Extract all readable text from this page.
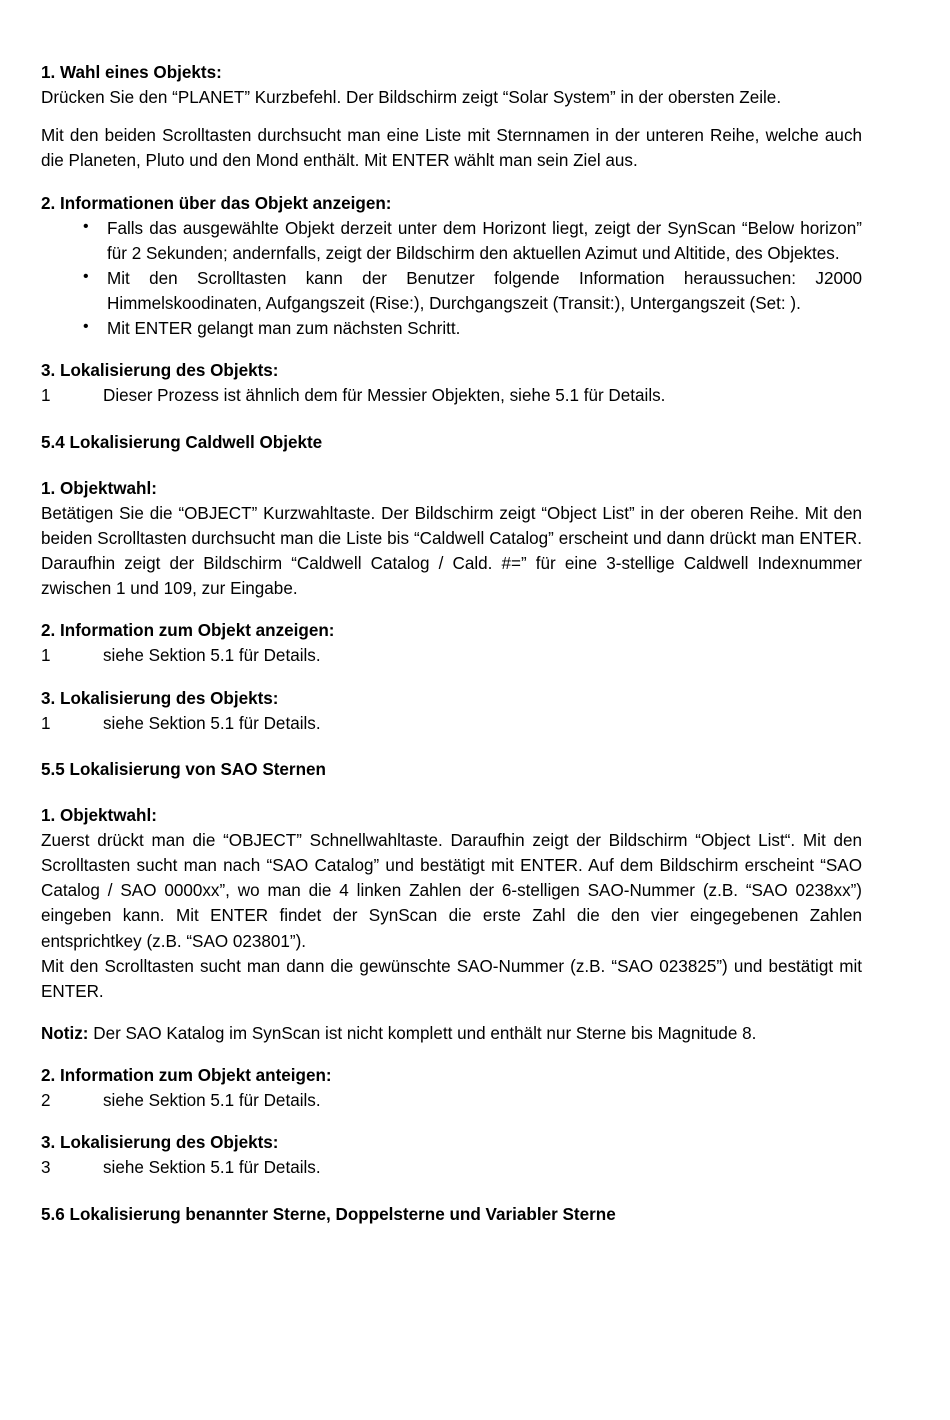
1. Wahl eines Objekts:

Drücken Sie den “PLANET” Kurzbefehl. Der Bildschirm zeigt “Solar System” in der obersten Zeile.

Mit den beiden Scrolltasten durchsucht man eine Liste mit Sternnamen in der unteren Reihe, welche auch die Planeten, Pluto und den Mond enthält. Mit ENTER wählt man sein Ziel aus.

2. Informationen über das Objekt anzeigen:
• Falls das ausgewählte Objekt derzeit unter dem Horizont liegt, zeigt der SynScan “Below horizon” für 2 Sekunden; andernfalls, zeigt der Bildschirm den aktuellen Azimut und Altitide, des Objektes.
• Mit den Scrolltasten kann der Benutzer folgende Information heraussuchen: J2000 Himmelskoodinaten, Aufgangszeit (Rise:), Durchgangszeit (Transit:), Untergangszeit (Set: ).
• Mit ENTER gelangt man zum nächsten Schritt.
3. Lokalisierung des Objekts:
1	Dieser Prozess ist ähnlich dem für Messier Objekten, siehe 5.1 für Details.
5.4 Lokalisierung Caldwell Objekte
1. Objektwahl:

Betätigen Sie die “OBJECT” Kurzwahltaste. Der Bildschirm zeigt “Object List” in der oberen Reihe. Mit den beiden Scrolltasten durchsucht man die Liste bis “Caldwell Catalog” erscheint und dann drückt man ENTER. Daraufhin zeigt der Bildschirm “Caldwell Catalog / Cald. #=” für eine 3-stellige Caldwell Indexnummer zwischen 1 und 109, zur Eingabe.

2. Information zum Objekt anzeigen:
1	siehe Sektion 5.1 für Details.
3. Lokalisierung des Objekts:
1	siehe Sektion 5.1 für Details.
5.5 Lokalisierung von SAO Sternen
1. Objektwahl:

Zuerst drückt man die “OBJECT” Schnellwahltaste. Daraufhin zeigt der Bildschirm “Object List“. Mit den Scrolltasten sucht man nach “SAO Catalog” und bestätigt mit ENTER. Auf dem Bildschirm erscheint “SAO Catalog / SAO 0000xx”, wo man die 4 linken Zahlen der 6-stelligen SAO-Nummer (z.B. “SAO 0238xx”) eingeben kann. Mit ENTER findet der SynScan die erste Zahl die den vier eingegebenen Zahlen entsprichtkey (z.B. “SAO 023801”).

Mit den Scrolltasten sucht man dann die gewünschte SAO-Nummer (z.B. “SAO 023825”) und bestätigt mit ENTER.

Notiz: Der SAO Katalog im SynScan ist nicht komplett und enthält nur Sterne bis Magnitude 8.

2. Information zum Objekt anteigen:
2	siehe Sektion 5.1 für Details.
3. Lokalisierung des Objekts:
3	siehe Sektion 5.1 für Details.
5.6 Lokalisierung benannter Sterne, Doppelsterne und Variabler Sterne
